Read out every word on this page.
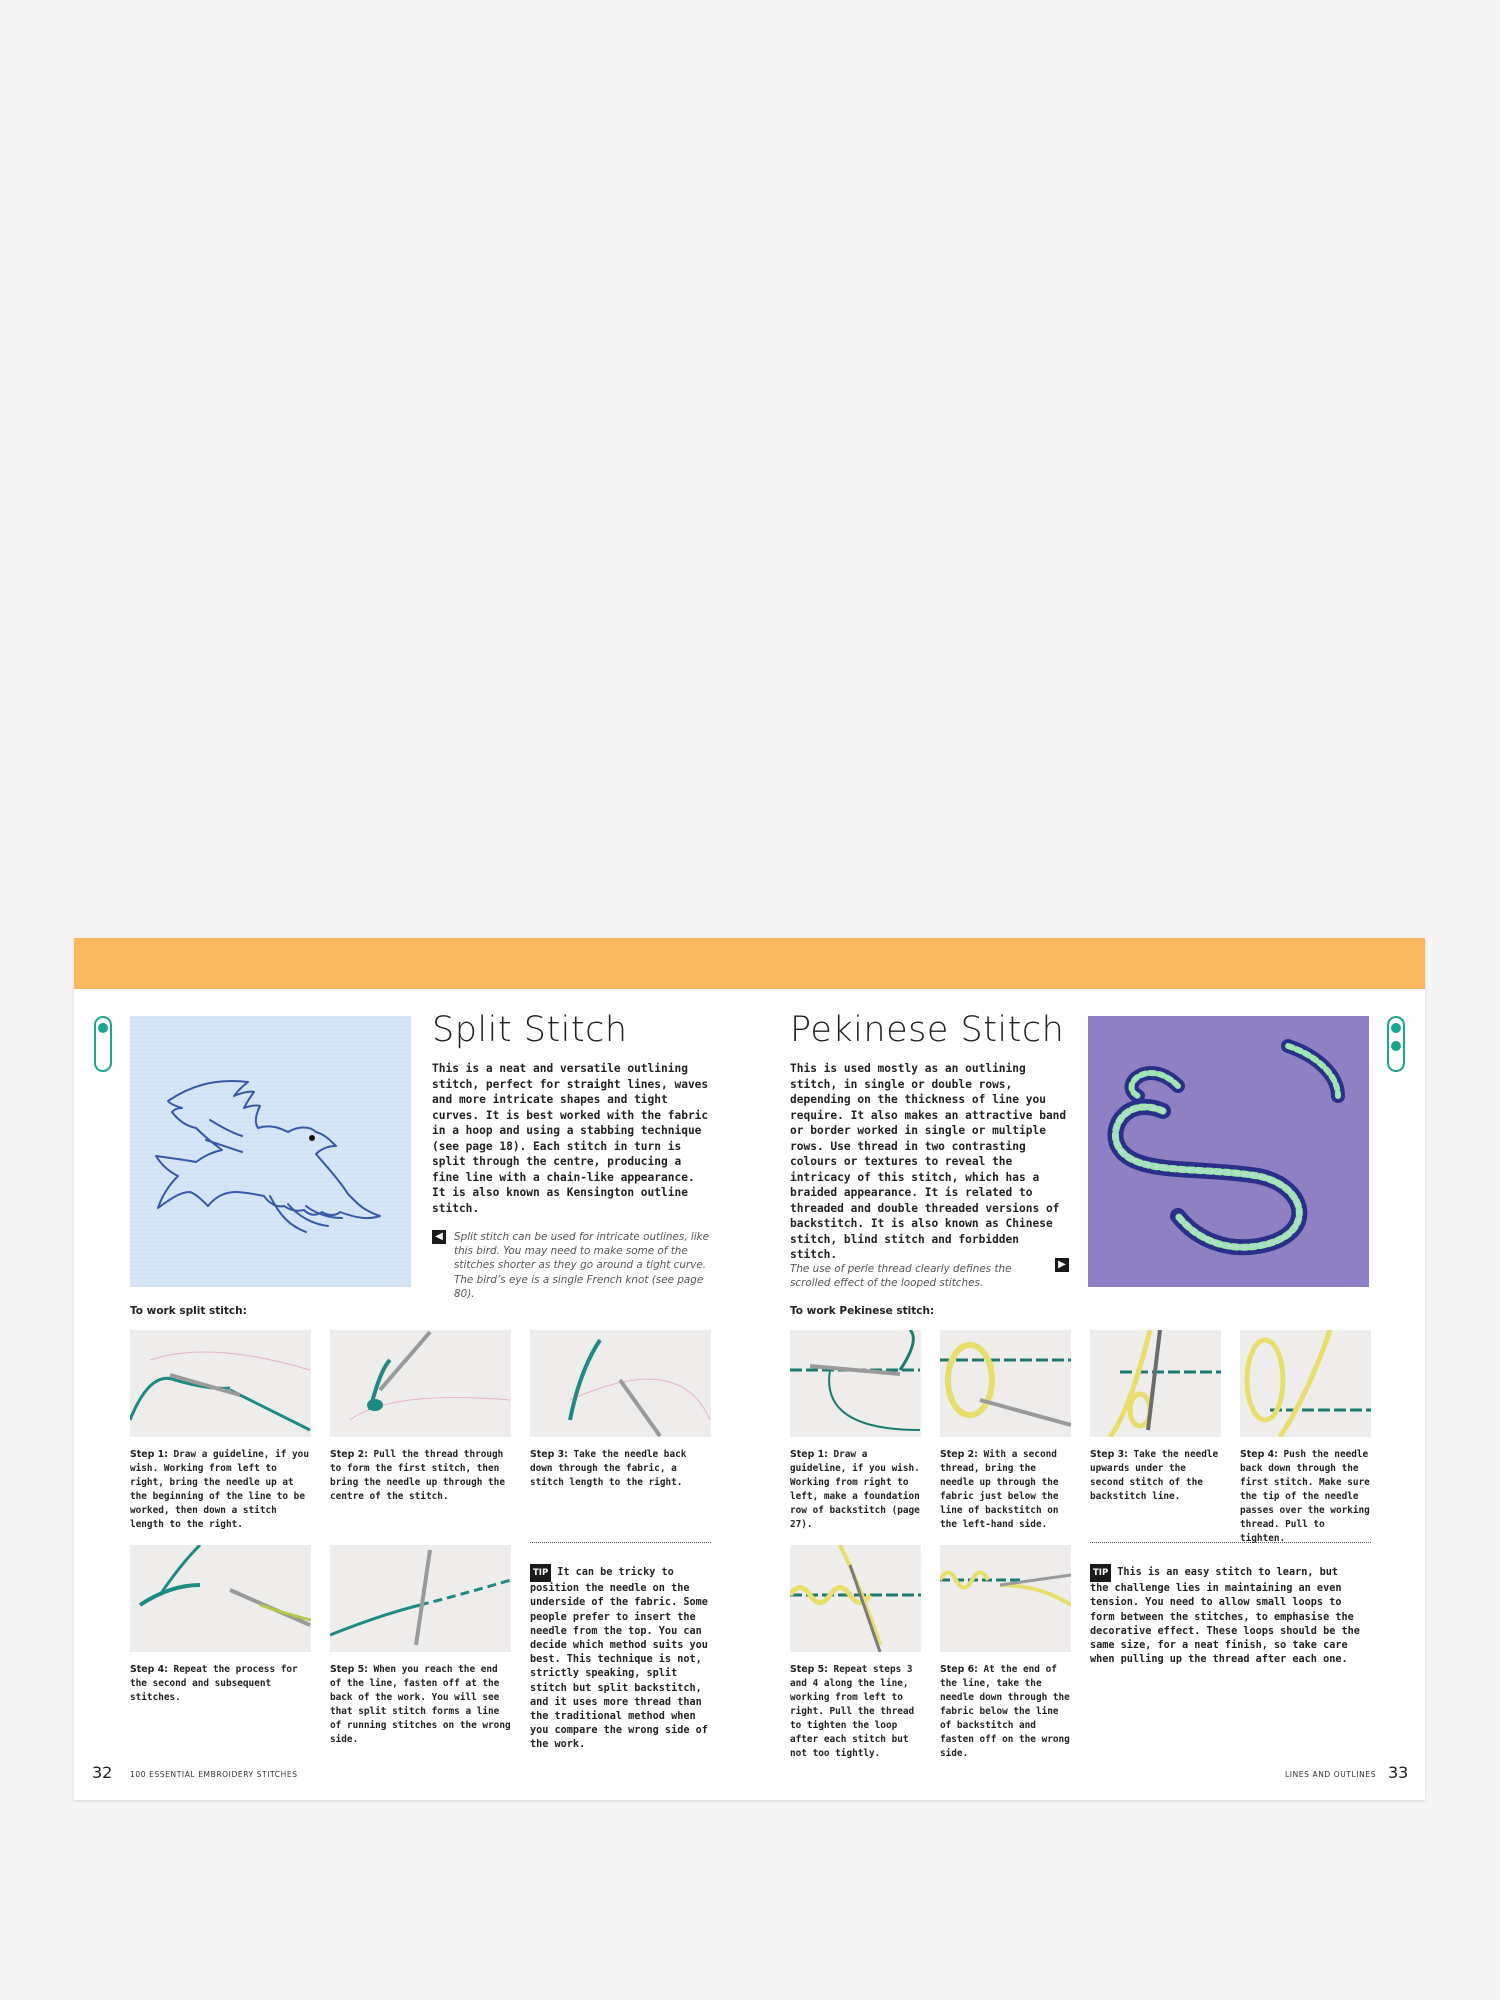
Split Stitch
This is a neat and versatile outlining stitch, perfect for straight lines, waves and more intricate shapes and tight curves. It is best worked with the fabric in a hoop and using a stabbing technique (see page 18). Each stitch in turn is split through the centre, producing a fine line with a chain-like appearance. It is also known as Kensington outline stitch.
◀	Split stitch can be used for intricate outlines, like this bird. You may need to make some of the stitches shorter as they go around a tight curve. The bird’s eye is a single French knot (see page 80).
To work split stitch:
Step 1: Draw a guideline, if you wish. Working from left to right, bring the needle up at the beginning of the line to be worked, then down a stitch length to the right.
Step 2: Pull the thread through to form the first stitch, then bring the needle up through the centre of the stitch.
Step 3: Take the needle back down through the fabric, a stitch length to the right.
Step 4: Repeat the process for the second and subsequent stitches.
Step 5: When you reach the end of the line, fasten off at the back of the work. You will see that split stitch forms a line of running stitches on the wrong side.
TIP It can be tricky to position the needle on the underside of the fabric. Some people prefer to insert the needle from the top. You can decide which method suits you best. This technique is not, strictly speaking, split stitch but split backstitch, and it uses more thread than the traditional method when you compare the wrong side of the work.
32 100 ESSENTIAL EMBROIDERY STITCHES
Pekinese Stitch
This is used mostly as an outlining stitch, in single or double rows, depending on the thickness of line you require. It also makes an attractive band or border worked in single or multiple rows. Use thread in two contrasting colours or textures to reveal the intricacy of this stitch, which has a braided appearance. It is related to threaded and double threaded versions of backstitch. It is also known as Chinese stitch, blind stitch and forbidden stitch.
The use of perle thread clearly defines the scrolled effect of the looped stitches.
▶
To work Pekinese stitch:
Step 1: Draw a guideline, if you wish. Working from right to left, make a foundation row of backstitch (page 27).
Step 2: With a second thread, bring the needle up through the fabric just below the line of backstitch on the left-hand side.
Step 3: Take the needle upwards under the second stitch of the backstitch line.
Step 4: Push the needle back down through the first stitch. Make sure the tip of the needle passes over the working thread. Pull to tighten.
Step 5: Repeat steps 3 and 4 along the line, working from left to right. Pull the thread to tighten the loop after each stitch but not too tightly.
Step 6: At the end of the line, take the needle down through the fabric below the line of backstitch and fasten off on the wrong side.
TIP This is an easy stitch to learn, but the challenge lies in maintaining an even tension. You need to allow small loops to form between the stitches, to emphasise the decorative effect. These loops should be the same size, for a neat finish, so take care when pulling up the thread after each one.
LINES AND OUTLINES 33
